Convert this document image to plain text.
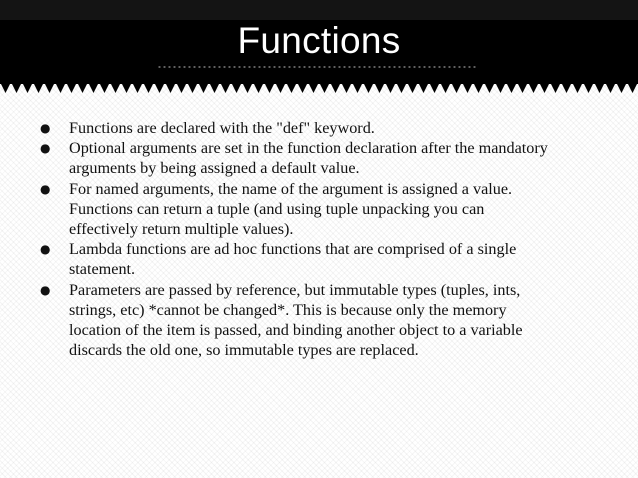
Functions
● Functions are declared with the "def" keyword.
● Optional arguments are set in the function declaration after the mandatory
arguments by being assigned a default value.
● For named arguments, the name of the argument is assigned a value.
Functions can return a tuple (and using tuple unpacking you can
effectively return multiple values).
● Lambda functions are ad hoc functions that are comprised of a single
statement.
● Parameters are passed by reference, but immutable types (tuples, ints,
strings, etc) *cannot be changed*. This is because only the memory
location of the item is passed, and binding another object to a variable
discards the old one, so immutable types are replaced.
